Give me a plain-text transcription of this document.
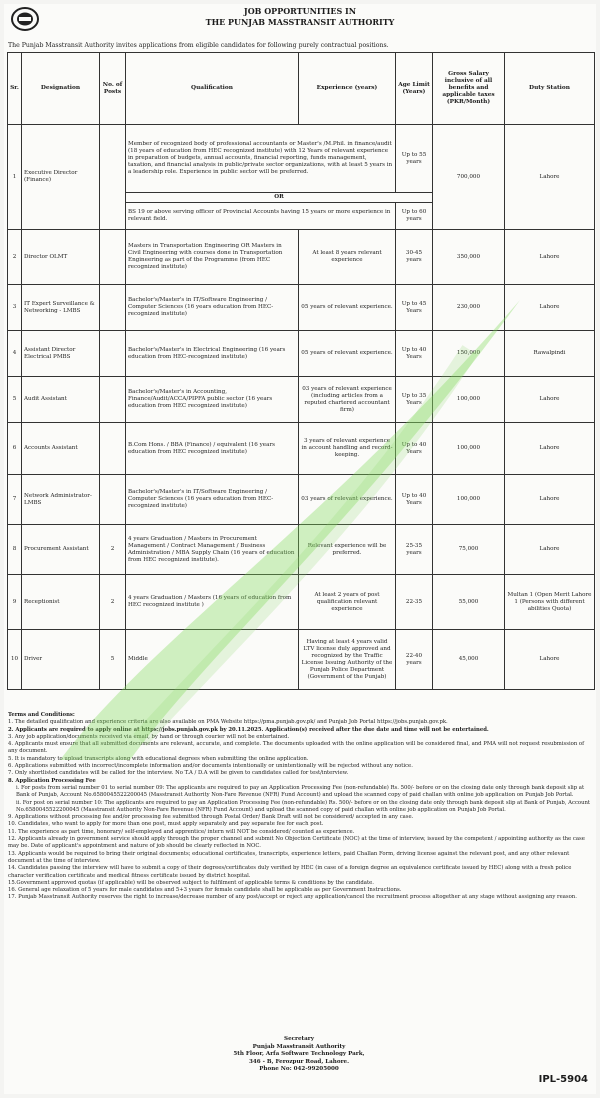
JOB OPPORTUNITIES IN
THE PUNJAB MASSTRANSIT AUTHORITY
The Punjab Masstransit Authority invites applications from eligible candidates for following purely contractual positions.
Sr.	Designation	No. of Posts	Qualification	Experience (years)	Age Limit (Years)	Gross Salary inclusive of all benefits and applicable taxes (PKR/Month)	Duty Station
1	Executive Director (Finance)		Member of recognized body of professional accountants or Master's /M.Phil. in finance/audit (18 years of education from HEC recognized institute) with 12 Years of relevant experience in preparation of budgets, annual accounts, financial reporting, funds management, taxation, and financial analysis in public/private sector organizations, with at least 5 years in a leadership role. Experience in public sector will be preferred.		Up to 55 years	700,000	Lahore
			OR				
			BS 19 or above serving officer of Provincial Accounts having 15 years or more experience in relevant field.		Up to 60 years		
2	Director OLMT		Masters in Transportation Engineering OR Masters in Civil Engineering with courses done in Transportation Engineering as part of the Programme (from HEC recognized institute)	At least 8 years relevant experience	30-45 years	350,000	Lahore
3	IT Expert Surveillance & Networking - LMBS		Bachelor's/Master's in IT/Software Engineering / Computer Sciences (16 years education from HEC-recognized institute)	05 years of relevant experience.	Up to 45 Years	230,000	Lahore
4	Assistant Director Electrical PMBS		Bachelor's/Master's in Electrical Engineering (16 years education from HEC-recognized institute)	05 years of relevant experience.	Up to 40 Years	150,000	Rawalpindi
5	Audit Assistant		Bachelor's/Master's in Accounting, Finance/Audit/ACCA/PIPFA public sector (16 years education from HEC recognized institute)	03 years of relevant experience (including articles from a reputed chartered accountant firm)	Up to 35 Years	100,000	Lahore
6	Accounts Assistant		B.Com Hons. / BBA (Finance) / equivalent (16 years education from HEC recognized institute)	3 years of relevant experience in account handling and record-keeping.	Up to 40 Years	100,000	Lahore
7	Network Administrator-LMBS		Bachelor's/Master's in IT/Software Engineering / Computer Sciences (16 years education from HEC-recognized institute)	03 years of relevant experience.	Up to 40 Years	100,000	Lahore
8	Procurement Assistant	2	4 years Graduation / Masters in Procurement Management / Contract Management / Business Administration / MBA Supply Chain (16 years of education from HEC recognized institute).	Relevant experience will be preferred.	25-35 years	75,000	Lahore
9	Receptionist	2	4 years Graduation / Masters (16 years of education from HEC recognized institute )	At least 2 years of post qualification relevant experience	22-35	55,000	Multan 1 (Open Merit Lahore 1 (Persons with different abilities Quota)
10	Driver	5	Middle	Having at least 4 years valid LTV license duly approved and recognized by the Traffic License Issuing Authority of the Punjab Police Department (Government of the Punjab)	22-40 years	45,000	Lahore

Terms and Conditions:

1. The detailed qualification and experience criteria are also available on PMA Website https://pma.punjab.gov.pk/ and Punjab Job Portal https://jobs.punjab.gov.pk.

2. Applicants are required to apply online at https://jobs.punjab.gov.pk by 20.11.2025. Application(s) received after the due date and time will not be entertained.

3. Any job application/documents received via email, by hand or through courier will not be entertained.

4. Applicants must ensure that all submitted documents are relevant, accurate, and complete. The documents uploaded with the online application will be considered final, and PMA will not request resubmission of any document.

5. It is mandatory to upload transcripts along with educational degrees when submitting the online application.

6. Applications submitted with incorrect/incomplete information and/or documents intentionally or unintentionally will be rejected without any notice.

7. Only shortlisted candidates will be called for the interview. No T.A / D.A will be given to candidates called for test/interview.

8. Application Processing Fee

i. For posts from serial number 01 to serial number 09: The applicants are required to pay an Application Processing Fee (non-refundable) Rs. 500/- before or on the closing date only through bank deposit slip at Bank of Punjab, Account No.6580045522200045 (Masstransit Authority Non-Fare Revenue (NFR) Fund Account) and upload the scanned copy of paid challan with online job application on Punjab Job Portal.

ii. For post on serial number 10: The applicants are required to pay an Application Processing Fee (non-refundable) Rs. 500/- before or on the closing date only through bank deposit slip at Bank of Punjab, Account No.6580045522200045 (Masstransit Authority Non-Fare Revenue (NFR) Fund Account) and upload the scanned copy of paid challan with online job application on Punjab Job Portal.

9. Applications without processing fee and/or processing fee submitted through Postal Order/ Bank Draft will not be considered/ accepted in any case.

10. Candidates, who want to apply for more than one post, must apply separately and pay separate fee for each post.

11. The experience as part time, honorary/ self-employed and apprentice/ intern will NOT be considered/ counted as experience.

12. Applicants already in government service should apply through the proper channel and submit No Objection Certificate (NOC) at the time of interview, issued by the competent / appointing authority as the case may be. Date of applicant's appointment and nature of job should be clearly reflected in NOC.

13. Applicants would be required to bring their original documents; educational certificates, transcripts, experience letters, paid Challan Form, driving license against the relevant post, and any other relevant document at the time of interview.

14. Candidates passing the interview will have to submit a copy of their degrees/certificates duly verified by HEC (in case of a foreign degree an equivalence certificate issued by HEC) along with a fresh police character verification certificate and medical fitness certificate issued by district hospital.

15.Government approved quotas (if applicable) will be observed subject to fulfilment of applicable terms & conditions by the candidate.

16. General age relaxation of 5 years for male candidates and 5+3 years for female candidate shall be applicable as per Government Instructions.

17. Punjab Masstransit Authority reserves the right to increase/decrease number of any post/accept or reject any application/cancel the recruitment process altogether at any stage without assigning any reason.

Secretary
Punjab Masstransit Authority
5th Floor, Arfa Software Technology Park,
346 - B, Ferozpur Road, Lahore.
Phone No: 042-99205000
IPL-5904
